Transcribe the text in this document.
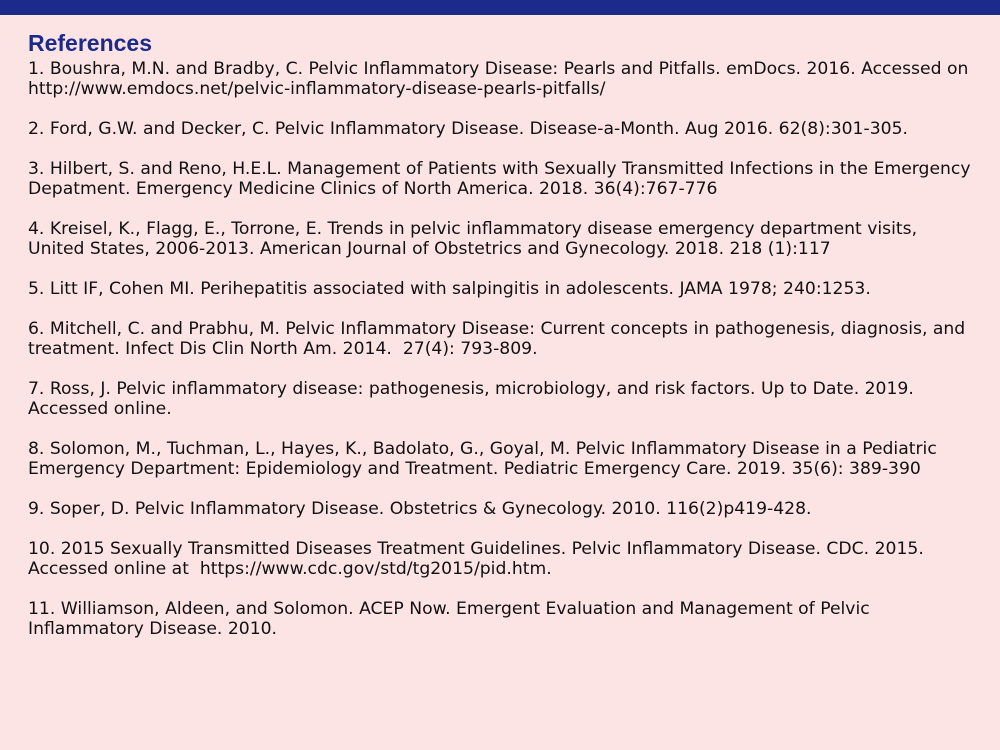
References
1. Boushra, M.N. and Bradby, C. Pelvic Inflammatory Disease: Pearls and Pitfalls. emDocs. 2016. Accessed on http://www.emdocs.net/pelvic-inflammatory-disease-pearls-pitfalls/
2. Ford, G.W. and Decker, C. Pelvic Inflammatory Disease. Disease-a-Month. Aug 2016. 62(8):301-305.
3. Hilbert, S. and Reno, H.E.L. Management of Patients with Sexually Transmitted Infections in the Emergency Depatment. Emergency Medicine Clinics of North America. 2018. 36(4):767-776
4. Kreisel, K., Flagg, E., Torrone, E. Trends in pelvic inflammatory disease emergency department visits, United States, 2006-2013. American Journal of Obstetrics and Gynecology. 2018. 218 (1):117
5. Litt IF, Cohen MI. Perihepatitis associated with salpingitis in adolescents. JAMA 1978; 240:1253.
6. Mitchell, C. and Prabhu, M. Pelvic Inflammatory Disease: Current concepts in pathogenesis, diagnosis, and treatment. Infect Dis Clin North Am. 2014.  27(4): 793-809.
7. Ross, J. Pelvic inflammatory disease: pathogenesis, microbiology, and risk factors. Up to Date. 2019. Accessed online.
8. Solomon, M., Tuchman, L., Hayes, K., Badolato, G., Goyal, M. Pelvic Inflammatory Disease in a Pediatric Emergency Department: Epidemiology and Treatment. Pediatric Emergency Care. 2019. 35(6): 389-390
9. Soper, D. Pelvic Inflammatory Disease. Obstetrics & Gynecology. 2010. 116(2)p419-428.
10. 2015 Sexually Transmitted Diseases Treatment Guidelines. Pelvic Inflammatory Disease. CDC. 2015. Accessed online at  https://www.cdc.gov/std/tg2015/pid.htm.
11. Williamson, Aldeen, and Solomon. ACEP Now. Emergent Evaluation and Management of Pelvic Inflammatory Disease. 2010.
